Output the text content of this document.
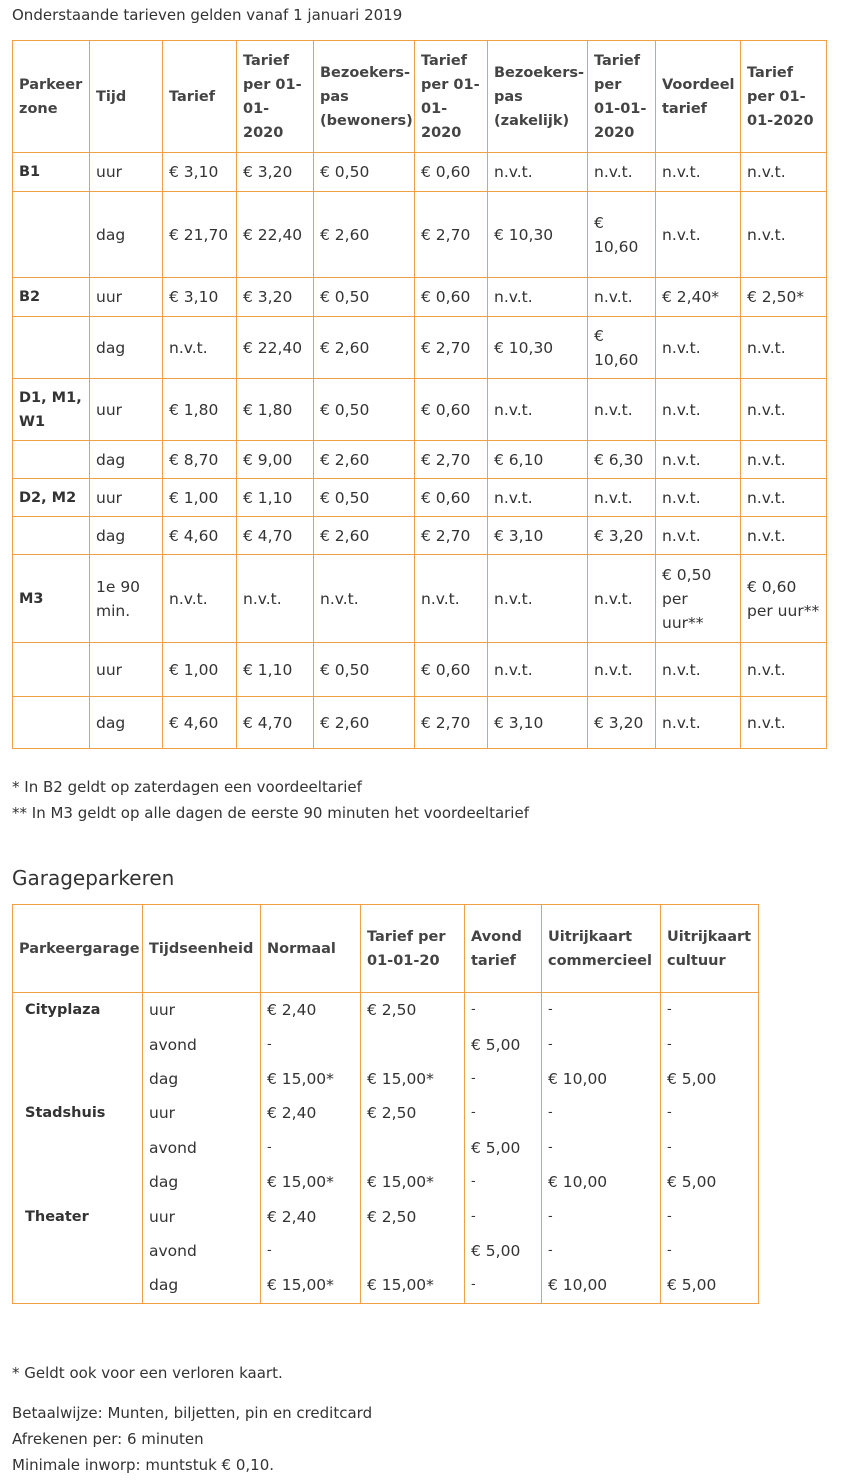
Onderstaande tarieven gelden vanaf 1 januari 2019
Parkeer zone	Tijd	Tarief	Tarief per 01-01-2020	Bezoekers-pas (bewoners)	Tarief per 01-01-2020	Bezoekers-pas (zakelijk)	Tarief per 01-01-2020	Voordeel tarief	Tarief per 01-01-2020
B1	uur	€ 3,10	€ 3,20	€ 0,50	€ 0,60	n.v.t.	n.v.t.	n.v.t.	n.v.t.
	dag	€ 21,70	€ 22,40	€ 2,60	€ 2,70	€ 10,30	€ 10,60	n.v.t.	n.v.t.
B2	uur	€ 3,10	€ 3,20	€ 0,50	€ 0,60	n.v.t.	n.v.t.	€ 2,40*	€ 2,50*
	dag	n.v.t.	€ 22,40	€ 2,60	€ 2,70	€ 10,30	€ 10,60	n.v.t.	n.v.t.
D1, M1, W1	uur	€ 1,80	€ 1,80	€ 0,50	€ 0,60	n.v.t.	n.v.t.	n.v.t.	n.v.t.
	dag	€ 8,70	€ 9,00	€ 2,60	€ 2,70	€ 6,10	€ 6,30	n.v.t.	n.v.t.
D2, M2	uur	€ 1,00	€ 1,10	€ 0,50	€ 0,60	n.v.t.	n.v.t.	n.v.t.	n.v.t.
	dag	€ 4,60	€ 4,70	€ 2,60	€ 2,70	€ 3,10	€ 3,20	n.v.t.	n.v.t.
M3	1e 90 min.	n.v.t.	n.v.t.	n.v.t.	n.v.t.	n.v.t.	n.v.t.	€ 0,50 per uur**	€ 0,60 per uur**
	uur	€ 1,00	€ 1,10	€ 0,50	€ 0,60	n.v.t.	n.v.t.	n.v.t.	n.v.t.
	dag	€ 4,60	€ 4,70	€ 2,60	€ 2,70	€ 3,10	€ 3,20	n.v.t.	n.v.t.
* In B2 geldt op zaterdagen een voordeeltarief
** In M3 geldt op alle dagen de eerste 90 minuten het voordeeltarief
Garageparkeren
Parkeergarage	Tijdseenheid	Normaal	Tarief per 01-01-20	Avond tarief	Uitrijkaart commercieel	Uitrijkaart cultuur
Cityplaza	uur	€ 2,40	€ 2,50	-	-	-
	avond	-		€ 5,00	-	-
	dag	€ 15,00*	€ 15,00*	-	€ 10,00	€ 5,00
Stadshuis	uur	€ 2,40	€ 2,50	-	-	-
	avond	-		€ 5,00	-	-
	dag	€ 15,00*	€ 15,00*	-	€ 10,00	€ 5,00
Theater	uur	€ 2,40	€ 2,50	-	-	-
	avond	-		€ 5,00	-	-
	dag	€ 15,00*	€ 15,00*	-	€ 10,00	€ 5,00
* Geldt ook voor een verloren kaart.
Betaalwijze: Munten, biljetten, pin en creditcard
Afrekenen per: 6 minuten
Minimale inworp: muntstuk € 0,10.
